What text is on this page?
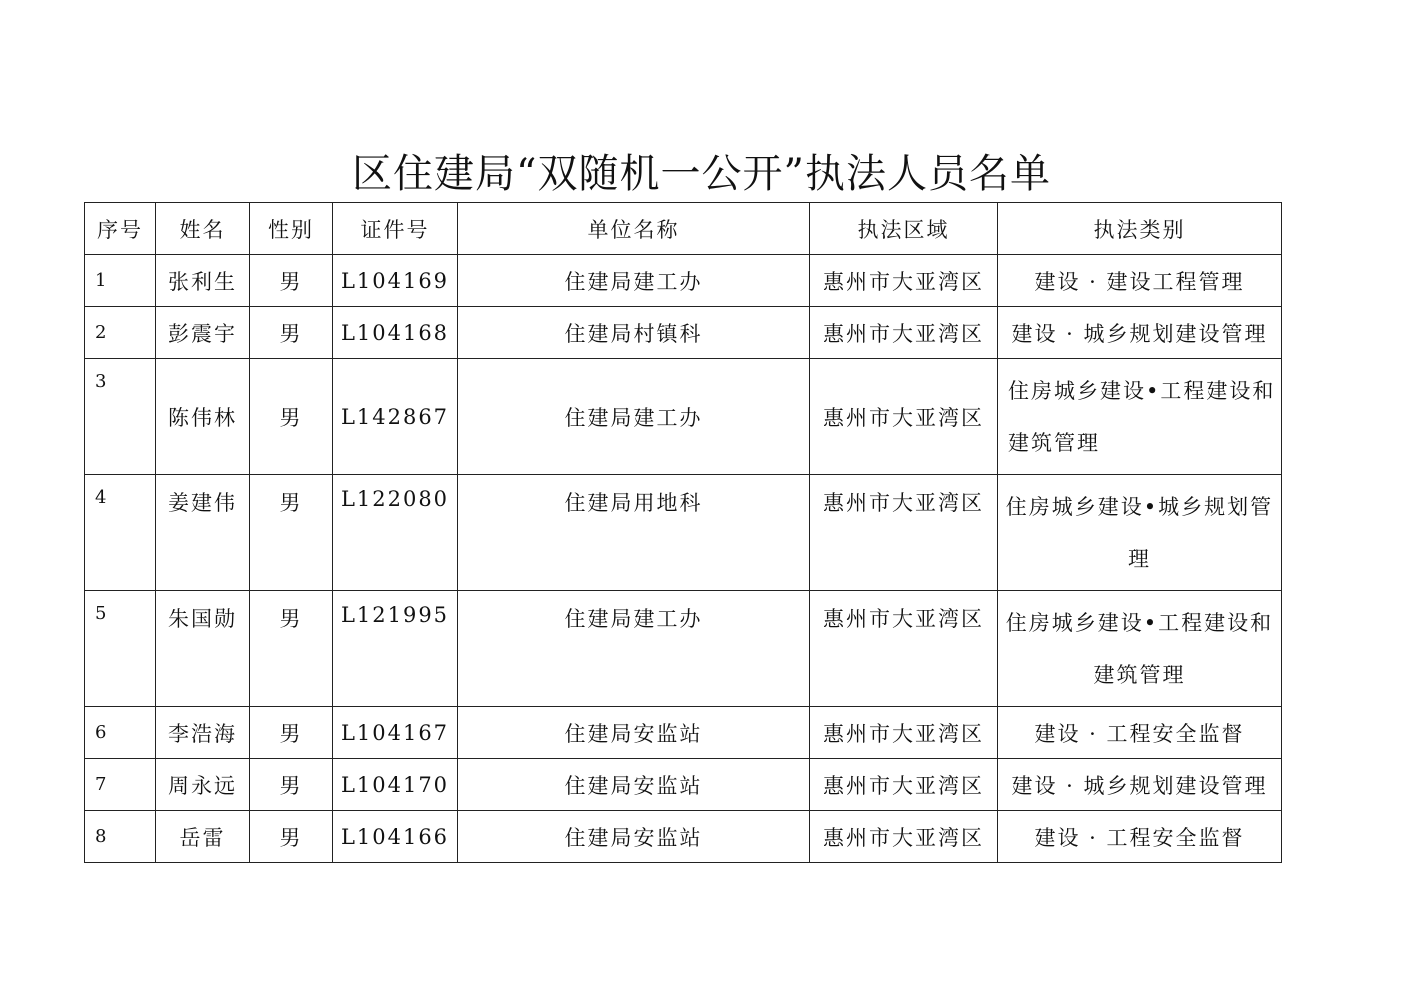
区住建局“双随机一公开”执法人员名单
序号	姓名	性别	证件号	单位名称	执法区域	执法类别
1	张利生	男	L104169	住建局建工办	惠州市大亚湾区	建设 · 建设工程管理
2	彭震宇	男	L104168	住建局村镇科	惠州市大亚湾区	建设 · 城乡规划建设管理
3	陈伟林	男	L142867	住建局建工办	惠州市大亚湾区	住房城乡建设•工程建设和建筑管理
4	姜建伟	男	L122080	住建局用地科	惠州市大亚湾区	住房城乡建设•城乡规划管理
5	朱国勋	男	L121995	住建局建工办	惠州市大亚湾区	住房城乡建设•工程建设和建筑管理
6	李浩海	男	L104167	住建局安监站	惠州市大亚湾区	建设 · 工程安全监督
7	周永远	男	L104170	住建局安监站	惠州市大亚湾区	建设 · 城乡规划建设管理
8	岳雷	男	L104166	住建局安监站	惠州市大亚湾区	建设 · 工程安全监督
